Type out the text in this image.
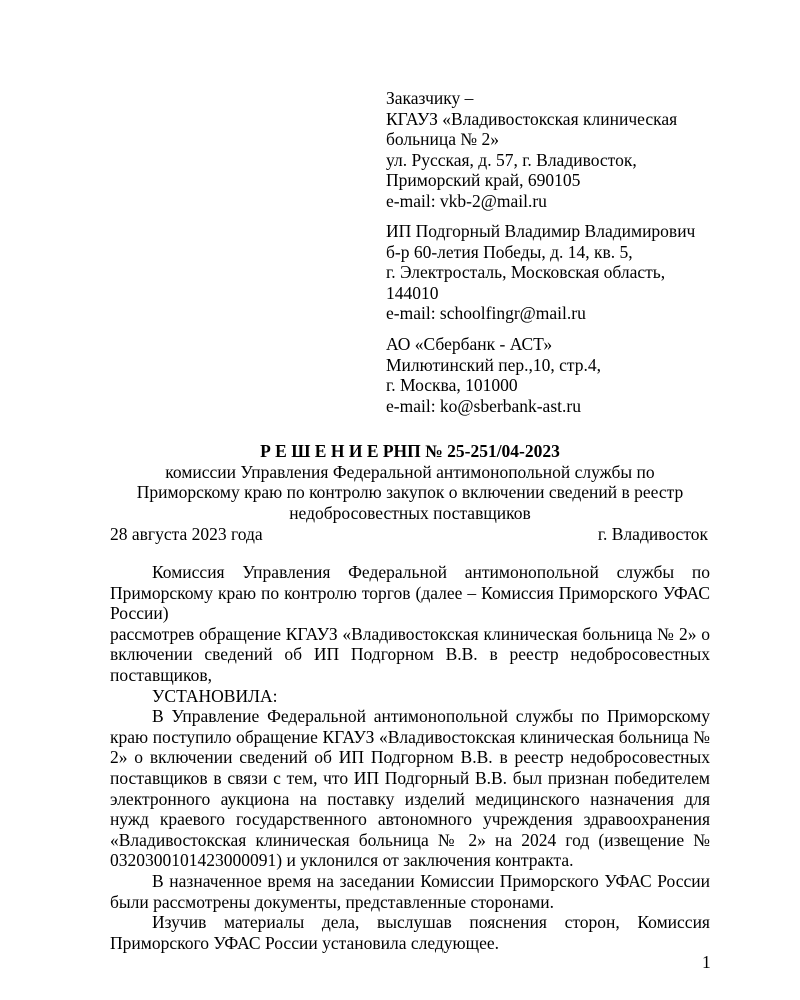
Заказчику –
КГАУЗ «Владивостокская клиническая
больница № 2»
ул. Русская, д. 57, г. Владивосток,
Приморский край, 690105
e-mail: vkb-2@mail.ru
ИП Подгорный Владимир Владимирович
б-р 60-летия Победы, д. 14, кв. 5,
г. Электросталь, Московская область,
144010
e-mail: schoolfingr@mail.ru
АО «Сбербанк - АСТ»
Милютинский пер.,10, стр.4,
г. Москва, 101000
e-mail: ko@sberbank-ast.ru
Р Е Ш Е Н И Е РНП № 25-251/04-2023
комиссии Управления Федеральной антимонопольной службы по
Приморскому краю по контролю закупок о включении сведений в реестр
недобросовестных поставщиков
28 августа 2023 года	г. Владивосток

Комиссия Управления Федеральной антимонопольной службы по Приморскому краю по контролю торгов (далее – Комиссия Приморского УФАС России)

рассмотрев обращение КГАУЗ «Владивостокская клиническая больница № 2» о включении сведений об ИП Подгорном В.В. в реестр недобросовестных поставщиков,

УСТАНОВИЛА:

В Управление Федеральной антимонопольной службы по Приморскому краю поступило обращение КГАУЗ «Владивостокская клиническая больница № 2» о включении сведений об ИП Подгорном В.В. в реестр недобросовестных поставщиков в связи с тем, что ИП Подгорный В.В. был признан победителем электронного аукциона на поставку изделий медицинского назначения для нужд краевого государственного автономного учреждения здравоохранения «Владивостокская клиническая больница № 2» на 2024 год (извещение № 0320300101423000091) и уклонился от заключения контракта.

В назначенное время на заседании Комиссии Приморского УФАС России были рассмотрены документы, представленные сторонами.

Изучив материалы дела, выслушав пояснения сторон, Комиссия Приморского УФАС России установила следующее.

1
